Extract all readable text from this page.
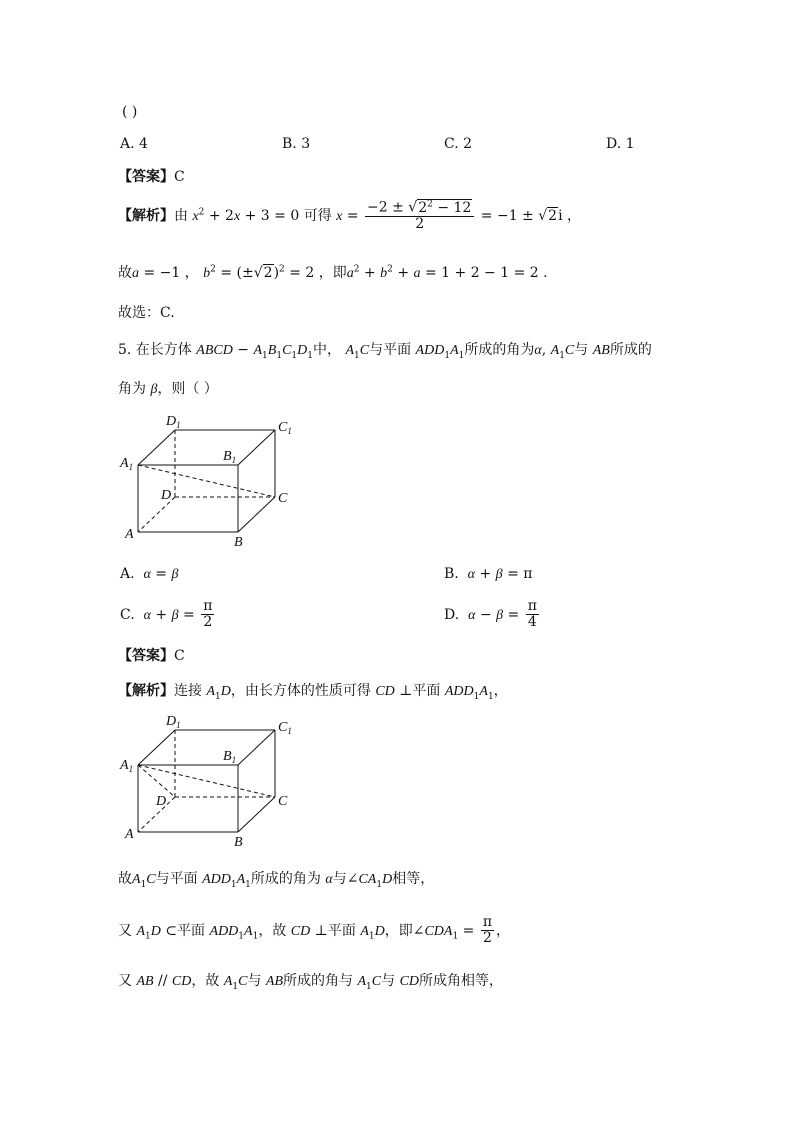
( )
A. 4	B. 3	C. 2	D. 1
【答案】C
【解析】由 $x^2 + 2x + 3 = 0$ 可得 $x = \frac{-2 \pm √2^2 - 12}{2} = -1 \pm √2i$ ，
故a = −1 ， $b^2 = (\pm√2)^2 = 2$ ，即$a^2 + b^2 + a = 1 + 2 - 1 = 2$ .
故选：C.
5. 在长方体 ABCD − $A_1B_1C_1D_1$中， $A_1C$与平面 $ADD_1A_1$所成的角为α, $A_1C$与 AB所成的
角为 β，则（ ）
$D_1$	$C_1$
$A_1$
$B_1$
D	C
A
B
A. α = β	B. α + β = π
C. $\alpha + \beta = \frac{\pi}{2}$	D. $\alpha - \beta = \frac{\pi}{4}$
【答案】C
【解析】连接 $A_1D$，由长方体的性质可得 CD ⊥平面 $ADD_1A_1$，
$D_1$	$C_1$
$A_1$
$B_1$
D	C
A
B
故$A_1C$与平面 $ADD_1A_1$所成的角为 α与$\angle CA_1D$相等，
又 $A_1D$ ⊂平面 $ADD_1A_1$，故 CD ⊥平面 $A_1D$，即$\angle CDA_1 = \frac{\pi}{2}$ ，
又 AB // CD，故 $A_1C$与 AB所成的角与 $A_1C$与 CD所成角相等，
